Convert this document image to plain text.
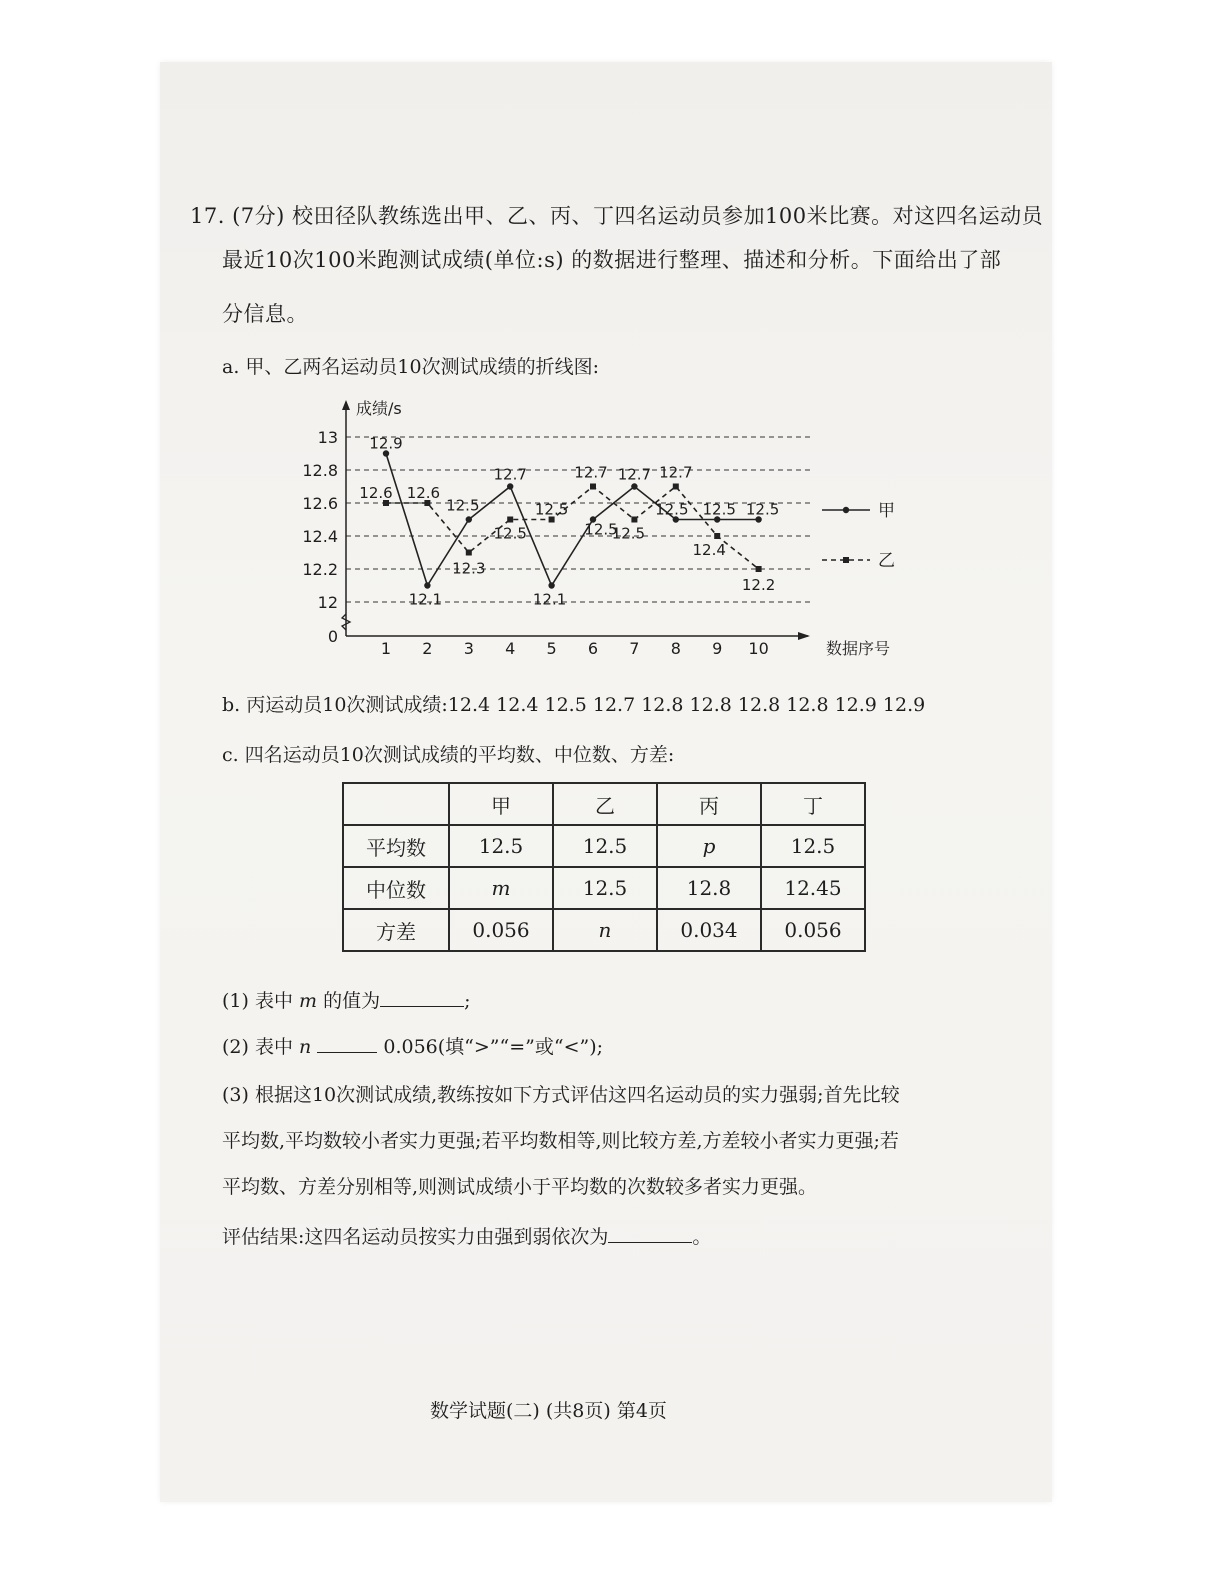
17. (7分) 校田径队教练选出甲、乙、丙、丁四名运动员参加100米比赛。对这四名运动员
最近10次100米跑测试成绩(单位:s) 的数据进行整理、描述和分析。下面给出了部
分信息。
a. 甲、乙两名运动员10次测试成绩的折线图:
0
12
12.2
12.4
12.6
12.8
13
成绩/s
1 2 3 4 5 6 7 8 9 10	数据序号
12.9
12.1
12.5
12.7
12.1
12.5
12.7
12.5 12.5 12.5
12.6 12.6
12.3
12.5
12.5
12.7
12.5
12.7
12.4
12.2
甲
乙
b. 丙运动员10次测试成绩:12.4 12.4 12.5 12.7 12.8 12.8 12.8 12.8 12.9 12.9
c. 四名运动员10次测试成绩的平均数、中位数、方差:
	甲	乙	丙	丁
平均数	12.5	12.5	p	12.5
中位数	m	12.5	12.8	12.45
方差	0.056	n	0.034	0.056
(1) 表中 m 的值为	;
(2) 表中 n	0.056(填“>”“=”或“<”);
(3) 根据这10次测试成绩,教练按如下方式评估这四名运动员的实力强弱;首先比较
平均数,平均数较小者实力更强;若平均数相等,则比较方差,方差较小者实力更强;若
平均数、方差分别相等,则测试成绩小于平均数的次数较多者实力更强。
评估结果:这四名运动员按实力由强到弱依次为	。
数学试题(二) (共8页) 第4页
